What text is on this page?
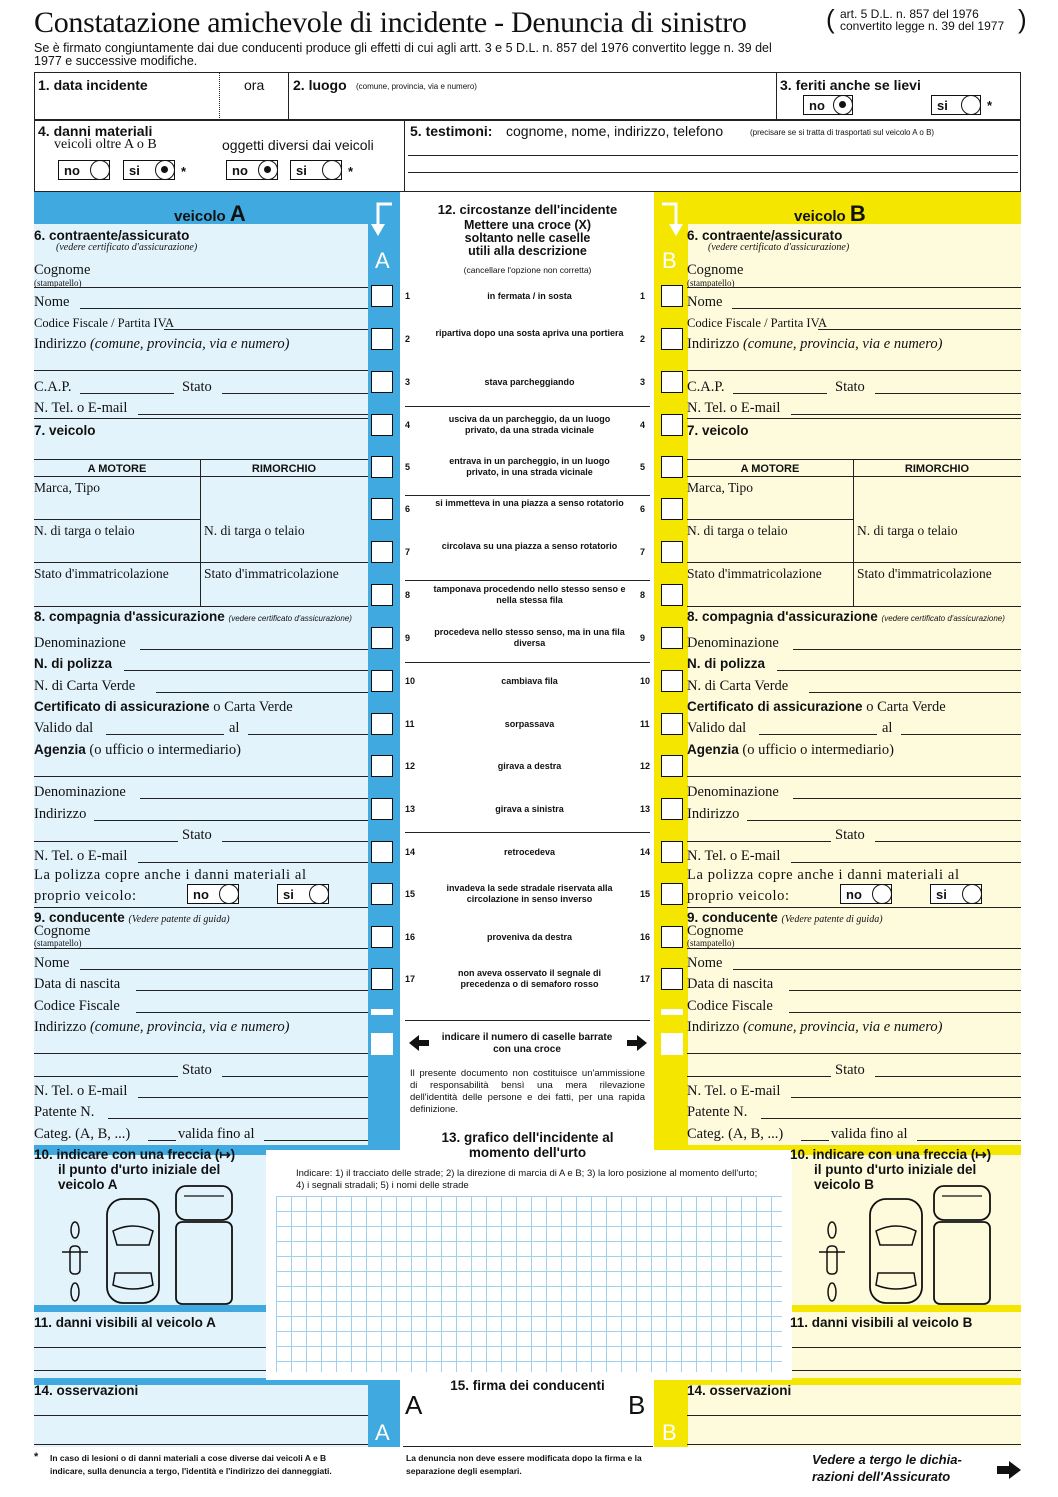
Constatazione amichevole di incidente - Denuncia di sinistro	( art. 5 D.L. n. 857 del 1976
convertito legge n. 39 del 1977 )
Se è firmato congiuntamente dai due conducenti produce gli effetti di cui agli artt. 3 e 5 D.L. n. 857 del 1976 convertito legge n. 39 del 1977 e successive modifiche.
1. data incidente	ora 2. luogo (comune, provincia, via e numero)	3. feriti anche se lievi
no	si	*
4. danni materiali
veicoli oltre A o B	oggetti diversi dai veicoli
no	si	*	no	si	*
5. testimoni: cognome, nome, indirizzo, telefono	(precisare se si tratta di trasportati sul veicolo A o B)
veicolo A	veicolo B
A	B
A	B
12. circostanze dell'incidente
Mettere una croce (X)
soltanto nelle caselle
utili alla descrizione
(cancellare l'opzione non corretta)
1	1
in fermata / in sosta
2	2
ripartiva dopo una sosta apriva una portiera
3	3
stava parcheggiando
4	4
usciva da un parcheggio, da un luogo privato, da una strada vicinale
5	5
entrava in un parcheggio, in un luogo privato, in una strada vicinale
6	6
si immetteva in una piazza a senso rotatorio
7	7
circolava su una piazza a senso rotatorio
8	8
tamponava procedendo nello stesso senso e nella stessa fila
9	9
procedeva nello stesso senso, ma in una fila diversa
10	10
cambiava fila
11	11
sorpassava
12	12
girava a destra
13	13
girava a sinistra
14	14
retrocedeva
15	15
invadeva la sede stradale riservata alla circolazione in senso inverso
16	16
proveniva da destra
17	17
non aveva osservato il segnale di precedenza o di semaforo rosso
indicare il numero di caselle barrate con una croce
Il presente documento non costituisce un'ammissione di responsabilità bensì una mera rilevazione dell'identità delle persone e dei fatti, per una rapida definizione.
13. grafico dell'incidente al
momento dell'urto
Indicare: 1) il tracciato delle strade; 2) la direzione di marcia di A e B; 3) la loro posizione al momento dell'urto; 4) i segnali stradali; 5) i nomi delle strade
6. contraente/assicurato
(vedere certificato d'assicurazione)
Cognome
(stampatello)
Nome
Codice Fiscale / Partita IVA
Indirizzo (comune, provincia, via e numero)
C.A.P.	Stato
N. Tel. o E-mail
7. veicolo
A MOTORE	RIMORCHIO
Marca, Tipo
N. di targa o telaio	N. di targa o telaio
Stato d'immatricolazione	Stato d'immatricolazione
8. compagnia d'assicurazione (vedere certificato d'assicurazione)
Denominazione
N. di polizza
N. di Carta Verde
Certificato di assicurazione o Carta Verde
Valido dal	al
Agenzia (o ufficio o intermediario)
Denominazione
Indirizzo
Stato
N. Tel. o E-mail
La polizza copre anche i danni materiali al
proprio veicolo:	no	si
9. conducente (Vedere patente di guida)
Cognome
(stampatello)
Nome
Data di nascita
Codice Fiscale
Indirizzo (comune, provincia, via e numero)
Stato
N. Tel. o E-mail
Patente N.
Categ. (A, B, ...)	valida fino al
10. indicare con una freccia (↦)
il punto d'urto iniziale del
veicolo A
11. danni visibili al veicolo A
14. osservazioni
6. contraente/assicurato
(vedere certificato d'assicurazione)
Cognome
(stampatello)
Nome
Codice Fiscale / Partita IVA
Indirizzo (comune, provincia, via e numero)
C.A.P.	Stato
N. Tel. o E-mail
7. veicolo
A MOTORE	RIMORCHIO
Marca, Tipo
N. di targa o telaio	N. di targa o telaio
Stato d'immatricolazione	Stato d'immatricolazione
8. compagnia d'assicurazione (vedere certificato d'assicurazione)
Denominazione
N. di polizza
N. di Carta Verde
Certificato di assicurazione o Carta Verde
Valido dal	al
Agenzia (o ufficio o intermediario)
Denominazione
Indirizzo
Stato
N. Tel. o E-mail
La polizza copre anche i danni materiali al
proprio veicolo:	no	si
9. conducente (Vedere patente di guida)
Cognome
(stampatello)
Nome
Data di nascita
Codice Fiscale
Indirizzo (comune, provincia, via e numero)
Stato
N. Tel. o E-mail
Patente N.
Categ. (A, B, ...)	valida fino al
10. indicare con una freccia (↦)
il punto d'urto iniziale del
veicolo B
11. danni visibili al veicolo B
14. osservazioni
15. firma dei conducenti
A	B
* In caso di lesioni o di danni materiali a cose diverse dai veicoli A e B indicare, sulla denuncia a tergo, l'identità e l'indirizzo dei danneggiati.
La denuncia non deve essere modificata dopo la firma e la separazione degli esemplari.
Vedere a tergo le dichia-
razioni dell'Assicurato
